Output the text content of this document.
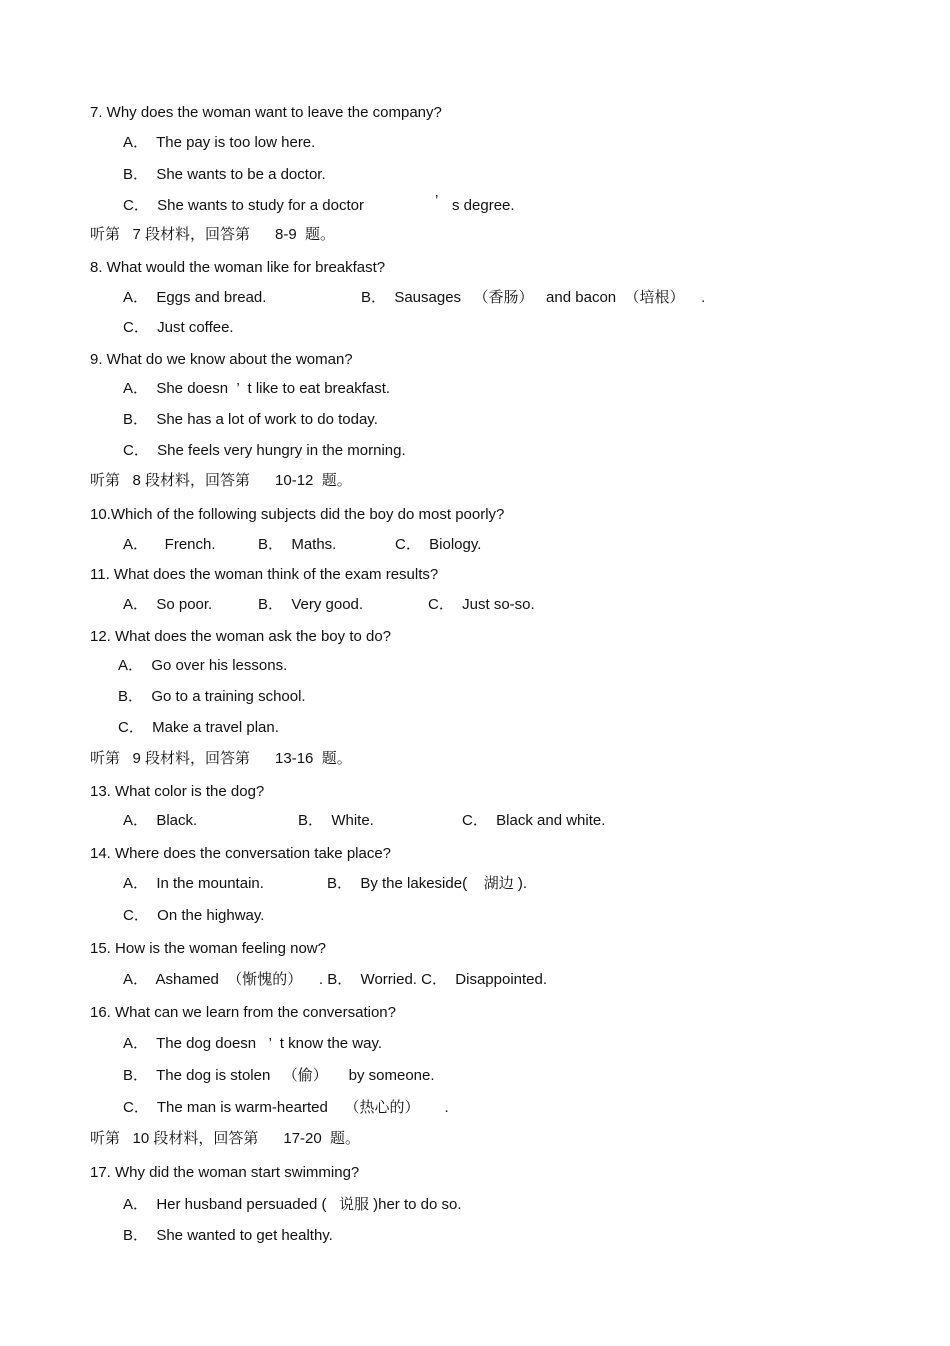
7. Why does the woman want to leave the company?
A．  The pay is too low here.
B．  She wants to be a doctor.
C．  She wants to study for a doctor	’ s degree.
听第   7 段材料，回答第      8-9  题。
8. What would the woman like for breakfast?
A．  Eggs and bread.	B．  Sausages   （香肠）   and bacon  （培根）    .
C．  Just coffee.
9. What do we know about the woman?
A．  She doesn  ’  t like to eat breakfast.
B．  She has a lot of work to do today.
C．  She feels very hungry in the morning.
听第   8 段材料，回答第      10-12  题。
10.Which of the following subjects did the boy do most poorly?
A．    French.	B．  Maths.	C．  Biology.
11. What does the woman think of the exam results?
A．  So poor.	B．  Very good.	C．  Just so-so.
12. What does the woman ask the boy to do?
A．  Go over his lessons.
B．  Go to a training school.
C．  Make a travel plan.
听第   9 段材料，回答第      13-16  题。
13. What color is the dog?
A．  Black.	B．  White.	C．  Black and white.
14. Where does the conversation take place?
A．  In the mountain.	B．  By the lakeside(    湖边 ).
C．  On the highway.
15. How is the woman feeling now?
A．  Ashamed  （惭愧的）    . B．  Worried. C．  Disappointed.
16. What can we learn from the conversation?
A．  The dog doesn   ’  t know the way.
B．  The dog is stolen   （偷）     by someone.
C．  The man is warm-hearted    （热心的）      .
听第   10 段材料，回答第      17-20  题。
17. Why did the woman start swimming?
A．  Her husband persuaded (   说服 )her to do so.
B．  She wanted to get healthy.
